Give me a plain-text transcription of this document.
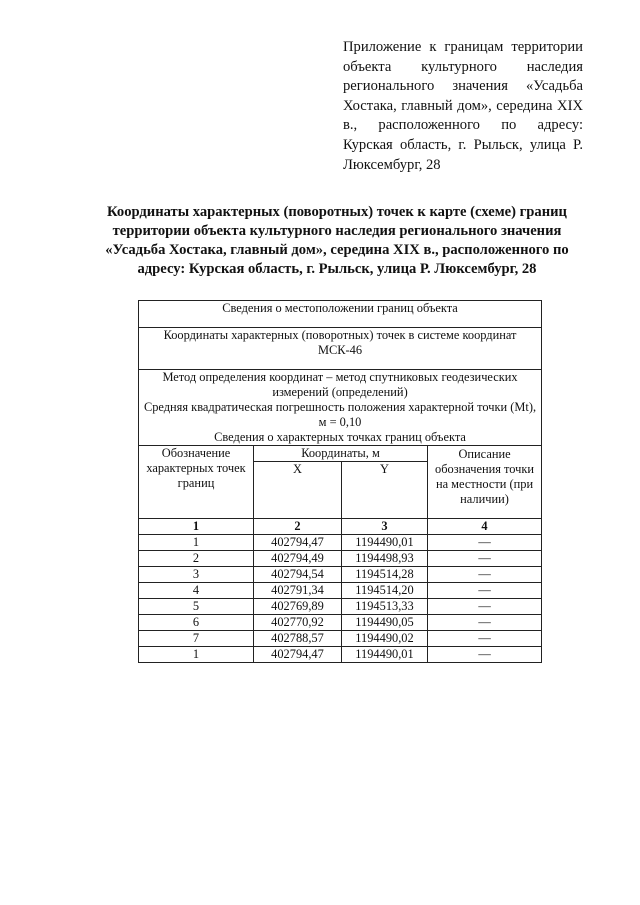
Приложение к границам территории объекта культурного наследия регионального значения «Усадьба Хостака, главный дом», середина XIX в., расположенного по адресу: Курская область, г. Рыльск, улица Р. Люксембург, 28
Координаты характерных (поворотных) точек к карте (схеме) границ территории объекта культурного наследия регионального значения «Усадьба Хостака, главный дом», середина XIX в., расположенного по адресу: Курская область, г. Рыльск, улица Р. Люксембург, 28
Сведения о местоположении границ объекта			
Координаты характерных (поворотных) точек в системе координат МСК-46			

Метод определения координат – метод спутниковых геодезических измерений (определений)
Средняя квадратическая погрешность положения характерной точки (Mt), м = 0,10
Сведения о характерных точках границ объекта			

Обозначение характерных точек границ	Координаты, м		Описание обозначения точки на местности (при наличии)
	X	Y	
1	2	3	4
1	402794,47	1194490,01	—
2	402794,49	1194498,93	—
3	402794,54	1194514,28	—
4	402791,34	1194514,20	—
5	402769,89	1194513,33	—
6	402770,92	1194490,05	—
7	402788,57	1194490,02	—
1	402794,47	1194490,01	—
